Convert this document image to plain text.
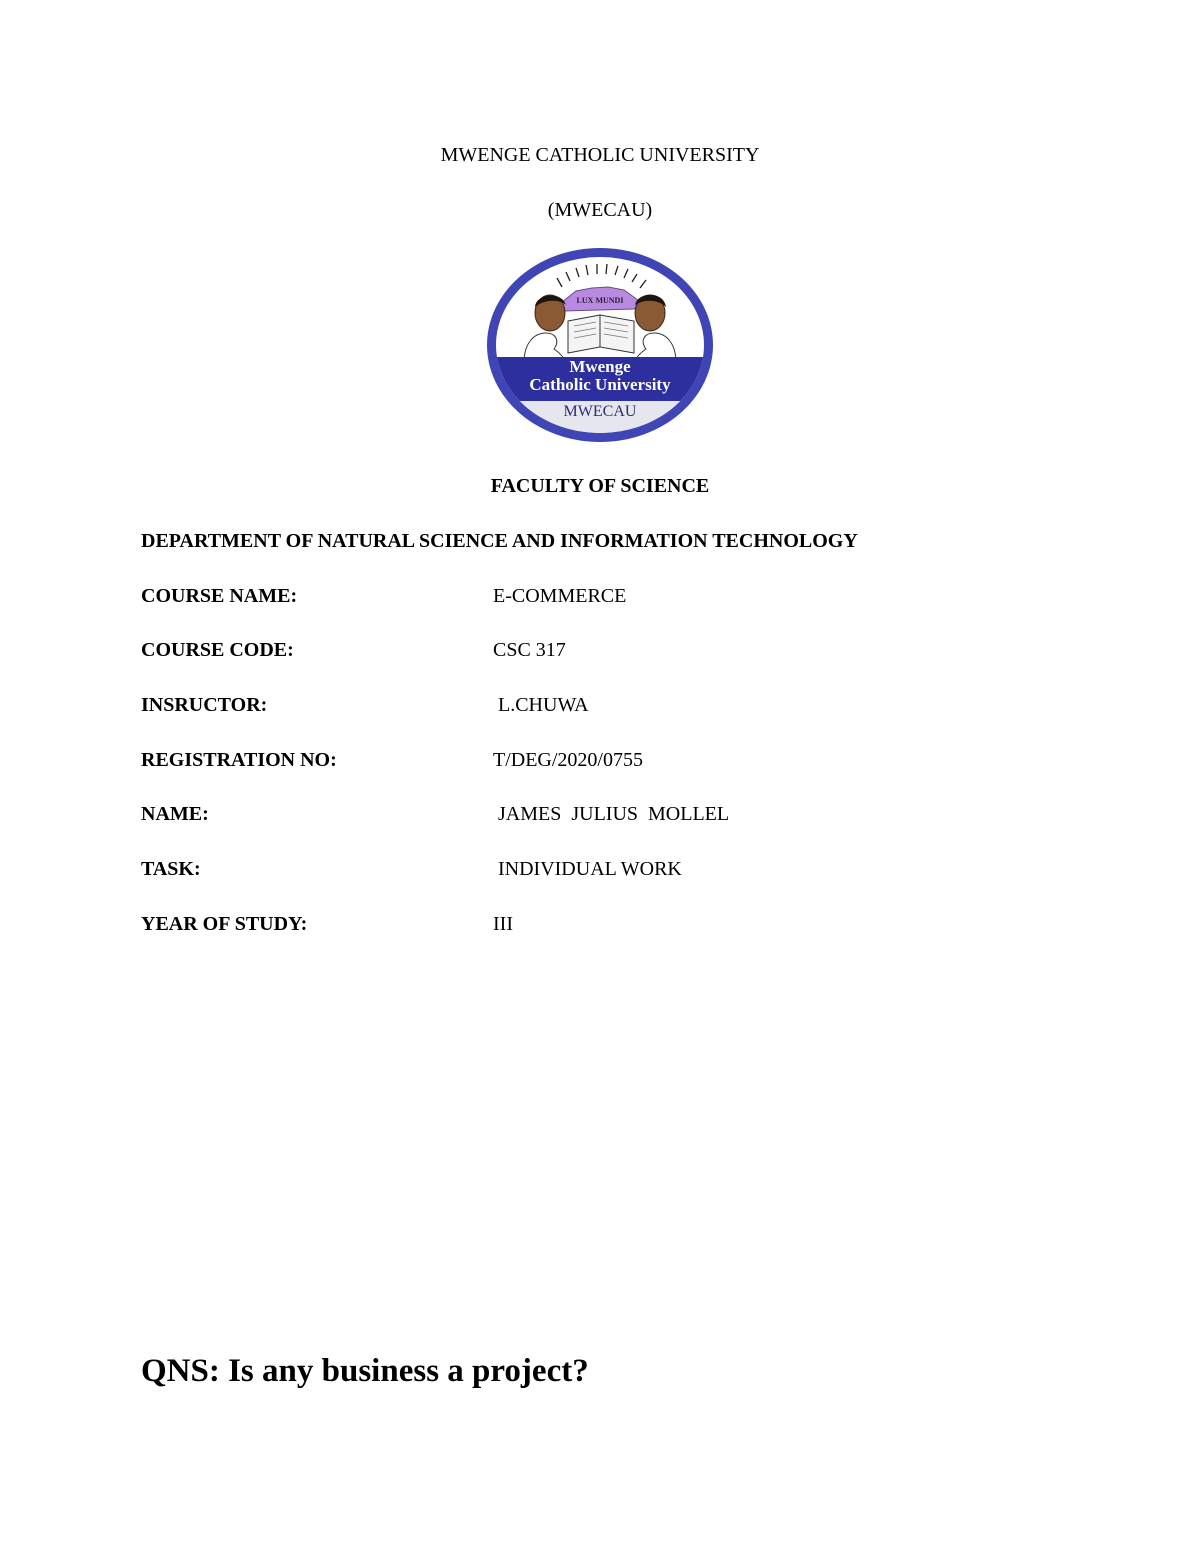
MWENGE CATHOLIC UNIVERSITY
(MWECAU)
LUX MUNDI
Mwenge
Catholic University
MWECAU
FACULTY OF SCIENCE
DEPARTMENT OF NATURAL SCIENCE AND INFORMATION TECHNOLOGY
COURSE NAME:	E-COMMERCE
COURSE CODE:	CSC 317
INSRUCTOR:	L.CHUWA
REGISTRATION NO:	T/DEG/2020/0755
NAME:	JAMES  JULIUS  MOLLEL
TASK:	INDIVIDUAL WORK
YEAR OF STUDY:	III
QNS: Is any business a project?
